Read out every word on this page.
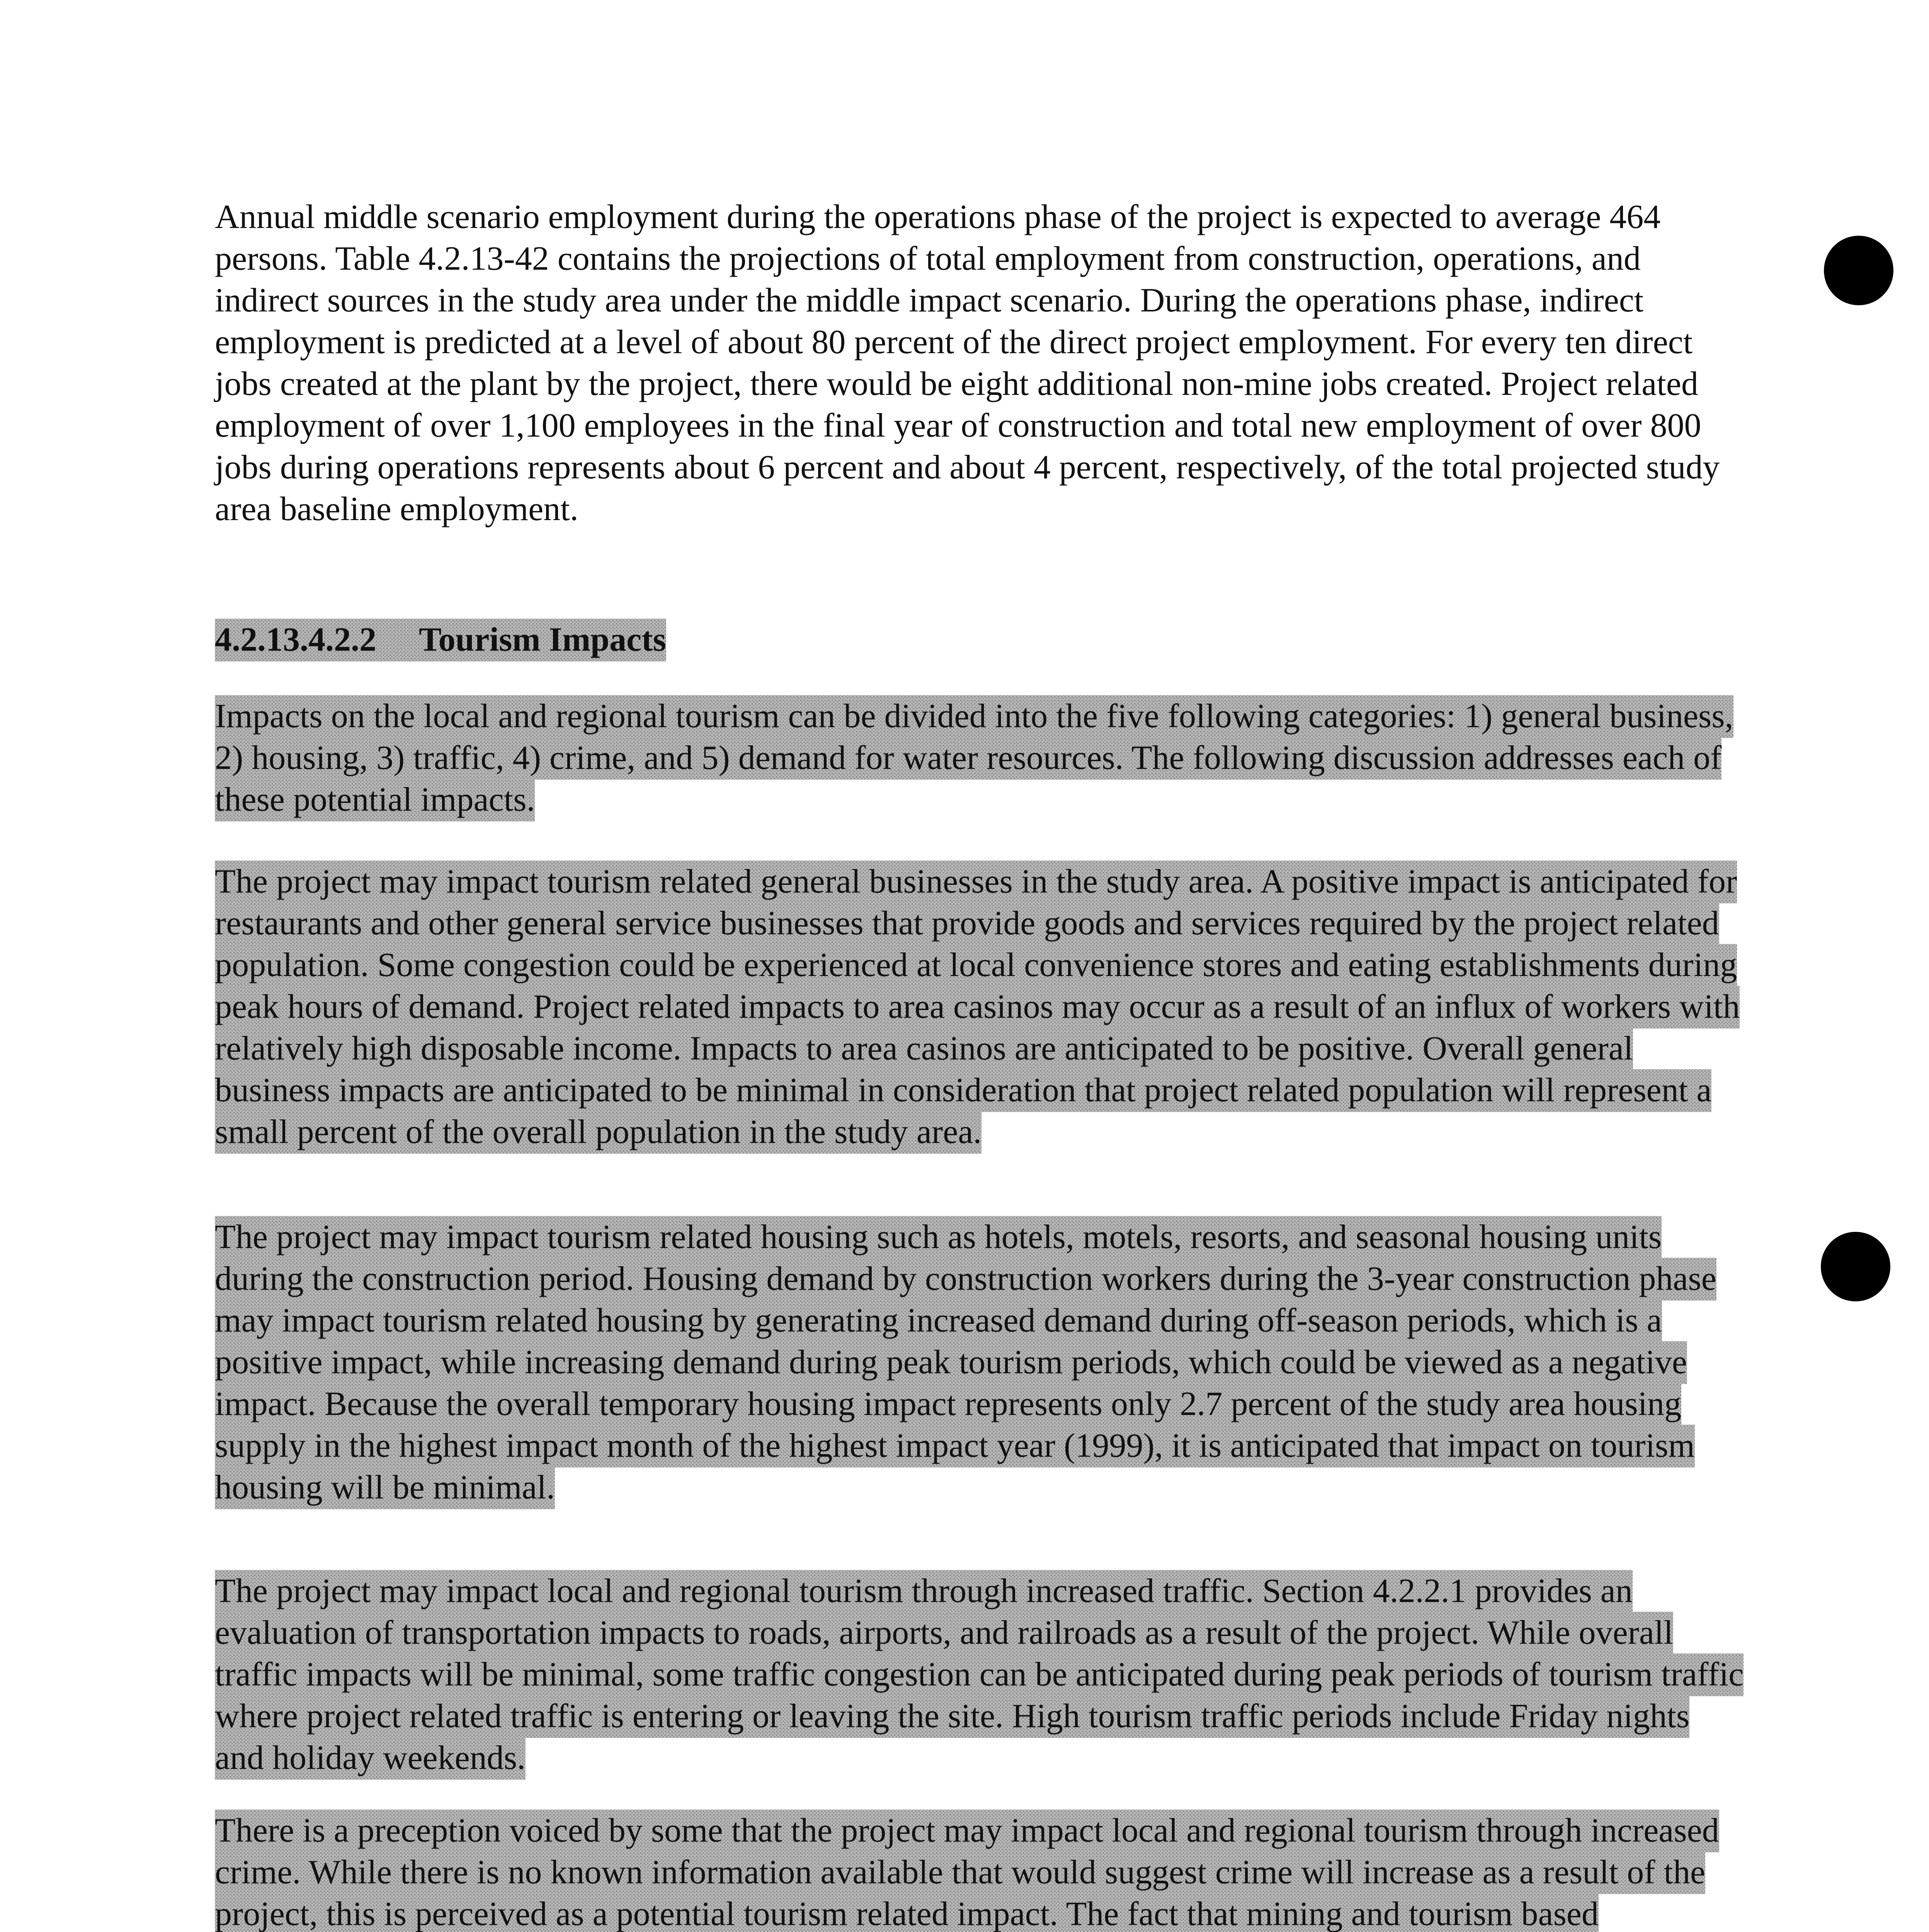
Annual middle scenario employment during the operations phase of the project is expected to average 464 persons. Table 4.2.13-42 contains the projections of total employment from construction, operations, and indirect sources in the study area under the middle impact scenario. During the operations phase, indirect employment is predicted at a level of about 80 percent of the direct project employment. For every ten direct jobs created at the plant by the project, there would be eight additional non-mine jobs created. Project related employment of over 1,100 employees in the final year of construction and total new employment of over 800 jobs during operations represents about 6 percent and about 4 percent, respectively, of the total projected study area baseline employment.

4.2.13.4.2.2 Tourism Impacts

Impacts on the local and regional tourism can be divided into the five following categories: 1) general business, 2) housing, 3) traffic, 4) crime, and 5) demand for water resources. The following discussion addresses each of these potential impacts.

The project may impact tourism related general businesses in the study area. A positive impact is anticipated for restaurants and other general service businesses that provide goods and services required by the project related population. Some congestion could be experienced at local convenience stores and eating establishments during peak hours of demand. Project related impacts to area casinos may occur as a result of an influx of workers with relatively high disposable income. Impacts to area casinos are anticipated to be positive. Overall general business impacts are anticipated to be minimal in consideration that project related population will represent a small percent of the overall population in the study area.

The project may impact tourism related housing such as hotels, motels, resorts, and seasonal housing units during the construction period. Housing demand by construction workers during the 3-year construction phase may impact tourism related housing by generating increased demand during off-season periods, which is a positive impact, while increasing demand during peak tourism periods, which could be viewed as a negative impact. Because the overall temporary housing impact represents only 2.7 percent of the study area housing supply in the highest impact month of the highest impact year (1999), it is anticipated that impact on tourism housing will be minimal.

The project may impact local and regional tourism through increased traffic. Section 4.2.2.1 provides an evaluation of transportation impacts to roads, airports, and railroads as a result of the project. While overall traffic impacts will be minimal, some traffic congestion can be anticipated during peak periods of tourism traffic where project related traffic is entering or leaving the site. High tourism traffic periods include Friday nights and holiday weekends.

There is a preception voiced by some that the project may impact local and regional tourism through increased crime. While there is no known information available that would suggest crime will increase as a result of the project, this is perceived as a potential tourism related impact. The fact that mining and tourism based
